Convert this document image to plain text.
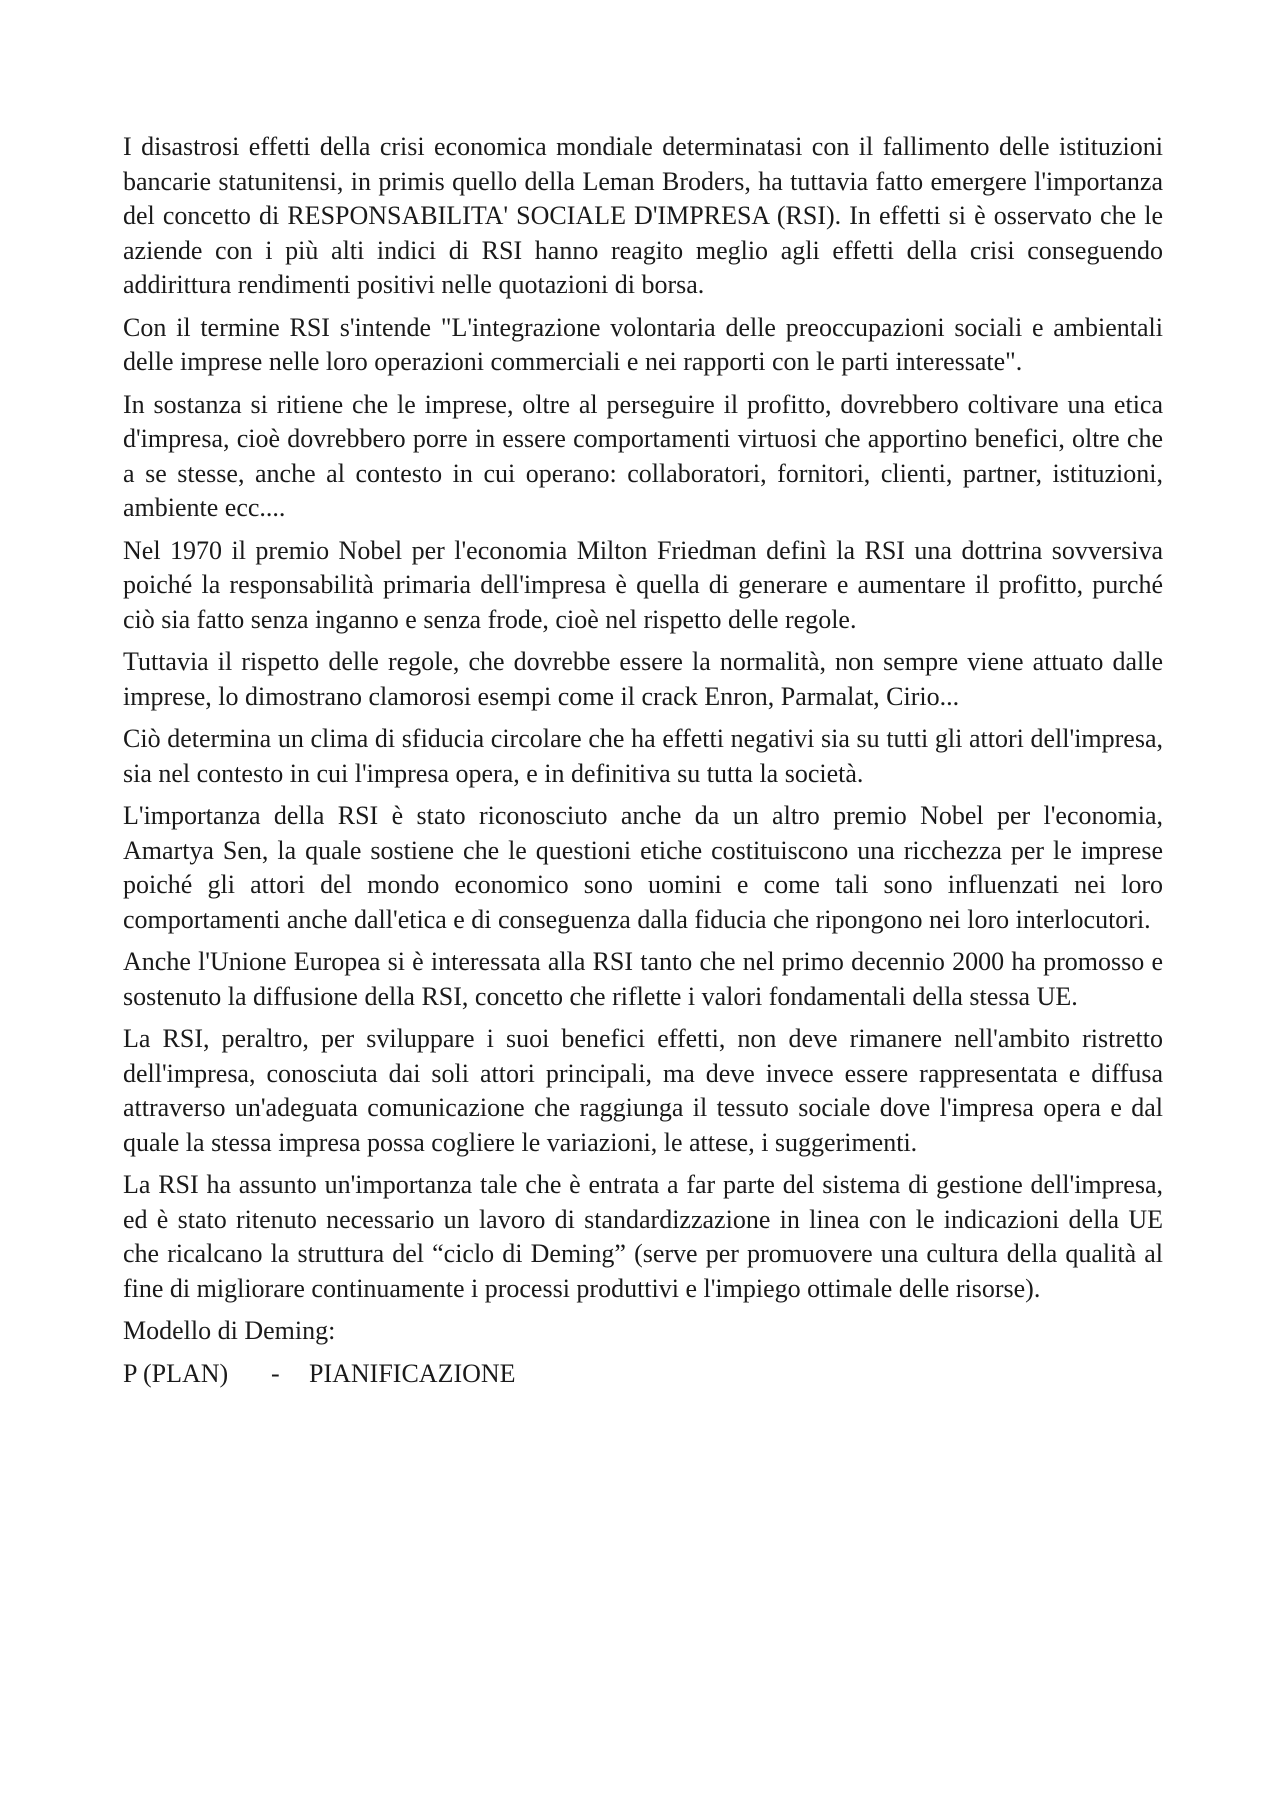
I disastrosi effetti della crisi economica mondiale determinatasi con il fallimento delle istituzioni bancarie statunitensi, in primis quello della Leman Broders, ha tuttavia fatto emergere l'importanza del concetto di RESPONSABILITA' SOCIALE D'IMPRESA (RSI). In effetti si è osservato che le aziende con i più alti indici di RSI hanno reagito meglio agli effetti della crisi conseguendo addirittura rendimenti positivi nelle quotazioni di borsa.

Con il termine RSI s'intende "L'integrazione volontaria delle preoccupazioni sociali e ambientali delle imprese nelle loro operazioni commerciali e nei rapporti con le parti interessate".

In sostanza si ritiene che le imprese, oltre al perseguire il profitto, dovrebbero coltivare una etica d'impresa, cioè dovrebbero porre in essere comportamenti virtuosi che apportino benefici, oltre che a se stesse, anche al contesto in cui operano: collaboratori, fornitori, clienti, partner, istituzioni, ambiente ecc....

Nel 1970 il premio Nobel per l'economia Milton Friedman definì la RSI una dottrina sovversiva poiché la responsabilità primaria dell'impresa è quella di generare e aumentare il profitto, purché ciò sia fatto senza inganno e senza frode, cioè nel rispetto delle regole.

Tuttavia il rispetto delle regole, che dovrebbe essere la normalità, non sempre viene attuato dalle imprese, lo dimostrano clamorosi esempi come il crack Enron, Parmalat, Cirio...

Ciò determina un clima di sfiducia circolare che ha effetti negativi sia su tutti gli attori dell'impresa, sia nel contesto in cui l'impresa opera, e in definitiva su tutta la società.

L'importanza della RSI è stato riconosciuto anche da un altro premio Nobel per l'economia, Amartya Sen, la quale sostiene che le questioni etiche costituiscono una ricchezza per le imprese poiché gli attori del mondo economico sono uomini e come tali sono influenzati nei loro comportamenti anche dall'etica e di conseguenza dalla fiducia che ripongono nei loro interlocutori.

Anche l'Unione Europea si è interessata alla RSI tanto che nel primo decennio 2000 ha promosso e sostenuto la diffusione della RSI, concetto che riflette i valori fondamentali della stessa UE.

La RSI, peraltro, per sviluppare i suoi benefici effetti, non deve rimanere nell'ambito ristretto dell'impresa, conosciuta dai soli attori principali, ma deve invece essere rappresentata e diffusa attraverso un'adeguata comunicazione che raggiunga il tessuto sociale dove l'impresa opera e dal quale la stessa impresa possa cogliere le variazioni, le attese, i suggerimenti.

La RSI ha assunto un'importanza tale che è entrata a far parte del sistema di gestione dell'impresa, ed è stato ritenuto necessario un lavoro di standardizzazione in linea con le indicazioni della UE che ricalcano la struttura del “ciclo di Deming” (serve per promuovere una cultura della qualità al fine di migliorare continuamente i processi produttivi e l'impiego ottimale delle risorse).

Modello di Deming:

P (PLAN)	-	PIANIFICAZIONE
